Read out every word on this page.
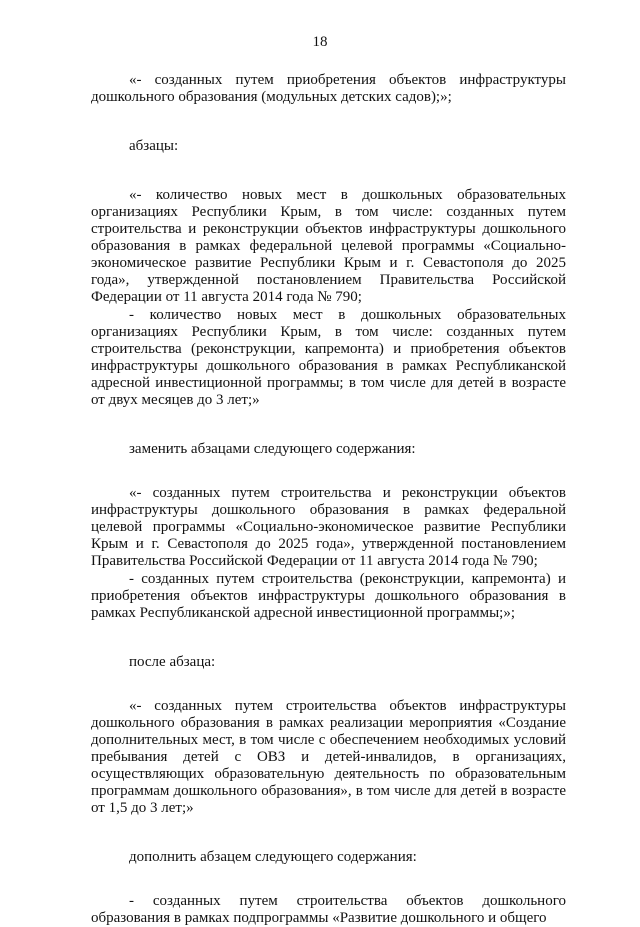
18

«- созданных путем приобретения объектов инфраструктуры дошкольного образования (модульных детских садов);»;

абзацы:

«- количество новых мест в дошкольных образовательных организациях Республики Крым, в том числе: созданных путем строительства и реконструкции объектов инфраструктуры дошкольного образования в рамках федеральной целевой программы «Социально-экономическое развитие Республики Крым и г. Севастополя до 2025 года», утвержденной постановлением Правительства Российской Федерации от 11 августа 2014 года № 790;

- количество новых мест в дошкольных образовательных организациях Республики Крым, в том числе: созданных путем строительства (реконструкции, капремонта) и приобретения объектов инфраструктуры дошкольного образования в рамках Республиканской адресной инвестиционной программы; в том числе для детей в возрасте от двух месяцев до 3 лет;»

заменить абзацами следующего содержания:

«- созданных путем строительства и реконструкции объектов инфраструктуры дошкольного образования в рамках федеральной целевой программы «Социально-экономическое развитие Республики Крым и г. Севастополя до 2025 года», утвержденной постановлением Правительства Российской Федерации от 11 августа 2014 года № 790;

- созданных путем строительства (реконструкции, капремонта) и приобретения объектов инфраструктуры дошкольного образования в рамках Республиканской адресной инвестиционной программы;»;

после абзаца:

«- созданных путем строительства объектов инфраструктуры дошкольного образования в рамках реализации мероприятия «Создание дополнительных мест, в том числе с обеспечением необходимых условий пребывания детей с ОВЗ и детей-инвалидов, в организациях, осуществляющих образовательную деятельность по образовательным программам дошкольного образования», в том числе для детей в возрасте от 1,5 до 3 лет;»

дополнить абзацем следующего содержания:

- созданных путем строительства объектов дошкольного образования в рамках подпрограммы «Развитие дошкольного и общего
